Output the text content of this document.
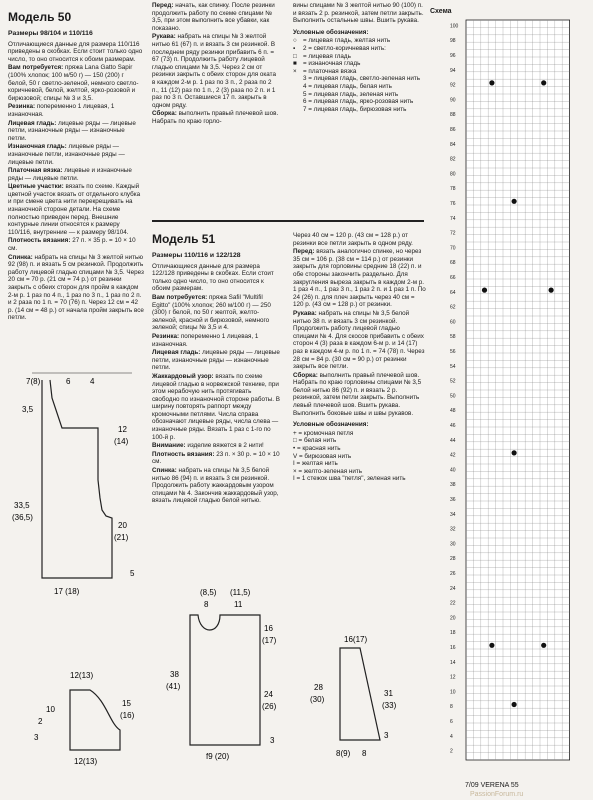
Модель 50
Размеры 98/104 и 110/116

Отличающиеся данные для размера 110/116 приведены в скобках. Если стоит только одно число, то оно относится к обоим размерам.

Вам потребуется: пряжа Lana Gatto Sapir (100% хлопок; 100 м/50 г) — 150 (200) г белой, 50 г светло-зеленой, немного светло-коричневой, белой, желтой, ярко-розовой и бирюзовой; спицы № 3 и 3,5.

Резинка: попеременно 1 лицевая, 1 изнаночная.

Лицевая гладь: лицевые ряды — лицевые петли, изнаночные ряды — изнаночные петли.

Изнаночная гладь: лицевые ряды — изнаночные петли, изнаночные ряды — лицевые петли.

Платочная вязка: лицевые и изнаночные ряды — лицевые петли.

Цветные участки: вязать по схеме. Каждый цветной участок вязать от отдельного клубка и при смене цвета нити перекрещивать на изнаночной стороне детали. На схеме полностью приведен перед. Внешние контурные линии относятся к размеру 110/116, внутренние — к размеру 98/104.

Плотность вязания: 27 п. × 35 р. = 10 × 10 см.

Спинка: набрать на спицы № 3 желтой нитью 92 (98) п. и вязать 5 см резинкой. Продолжить работу лицевой гладью спицами № 3,5. Через 20 см = 70 р. (21 см = 74 р.) от резинки закрыть с обеих сторон для пройм в каждом 2-м р. 1 раз по 4 п., 1 раз по 3 п., 1 раз по 2 п. и 2 раза по 1 п. = 70 (76) п. Через 12 см = 42 р. (14 см = 48 р.) от начала пройм закрыть все петли.

Перед: начать, как спинку. После резинки продолжить работу по схеме спицами № 3,5, при этом выполнить все убавки, как показано.

Рукава: набрать на спицы № 3 желтой нитью 61 (67) п. и вязать 3 см резинкой. В последнем ряду резинки прибавить 6 п. = 67 (73) п. Продолжить работу лицевой гладью спицами № 3,5. Через 2 см от резинки закрыть с обеих сторон для оката в каждом 2-м р. 1 раз по 3 п., 2 раза по 2 п., 11 (12) раз по 1 п., 2 (3) раза по 2 п. и 1 раз по 3 п. Оставшиеся 17 п. закрыть в одном ряду.

Сборка: выполнить правый плечевой шов. Набрать по краю горло-

вины спицами № 3 желтой нитью 90 (100) п. и вязать 2 р. резинкой, затем петли закрыть. Выполнить остальные швы. Вшить рукава.

Условные обозначения:

○ = лицевая гладь, желтая нить
▪	2 = светло-коричневая нить:
□ = лицевая гладь
■ = изнаночная гладь
×	= платочная вязка
3 = лицевая гладь, светло-зеленая нить
4 = лицевая гладь, белая нить
5 = лицевая гладь, зеленая нить
6 = лицевая гладь, ярко-розовая нить
7 = лицевая гладь, бирюзовая нить
Модель 51
Размеры 110/116 и 122/128

Отличающиеся данные для размера 122/128 приведены в скобках. Если стоит только одно число, то оно относится к обоим размерам.

Вам потребуется: пряжа Safil "Multifil Egitto" (100% хлопок; 260 м/100 г) — 250 (300) г белой, по 50 г желтой, желто-зеленой, красной и бирюзовой, немного зеленой; спицы № 3,5 и 4.

Резинка: попеременно 1 лицевая, 1 изнаночная.

Лицевая гладь: лицевые ряды — лицевые петли, изнаночные ряды — изнаночные петли.

Жаккардовый узор: вязать по схеме лицевой гладью в норвежской технике, при этом нерабочую нить протягивать свободно по изнаночной стороне работы. В ширину повторять раппорт между кромочными петлями. Числа справа обозначают лицевые ряды, числа слева — изнаночные ряды. Вязать 1 раз с 1-го по 100-й р.

Внимание: изделие вяжется в 2 нити!

Плотность вязания: 23 п. × 30 р. = 10 × 10 см.

Спинка: набрать на спицы № 3,5 белой нитью 86 (94) п. и вязать 3 см резинкой. Продолжить работу жаккардовым узором спицами № 4. Закончив жаккардовый узор, вязать лицевой гладью белой нитью.

Через 40 см = 120 р. (43 см = 128 р.) от резинки все петли закрыть в одном ряду.

Перед: вязать аналогично спинке, но через 35 см = 106 р. (38 см = 114 р.) от резинки закрыть для горловины средние 18 (22) п. и обе стороны закончить раздельно. Для закругления выреза закрыть в каждом 2-м р. 1 раз 4 п., 1 раз 3 п., 1 раз 2 п. и 1 раз 1 п. По 24 (26) п. для плеч закрыть через 40 см = 120 р. (43 см = 128 р.) от резинки.

Рукава: набрать на спицы № 3,5 белой нитью 38 п. и вязать 3 см резинкой. Продолжить работу лицевой гладью спицами № 4. Для скосов прибавить с обеих сторон 4 (3) раза в каждом 6-м р. и 14 (17) раз в каждом 4-м р. по 1 п. = 74 (78) п. Через 28 см = 84 р. (30 см = 90 р.) от резинки закрыть все петли.

Сборка: выполнить правый плечевой шов. Набрать по краю горловины спицами № 3,5 белой нитью 86 (92) п. и вязать 2 р. резинкой, затем петли закрыть. Выполнить левый плечевой шов. Вшить рукава. Выполнить боковые швы и швы рукавов.

Условные обозначения:

+ = кромочная петля
□ = белая нить
• = красная нить
V = бирюзовая нить
I = желтая нить
× = желто-зеленая нить
I = 1 стежок швa "петля", зеленая нить
Схема
100
98
96
94
92
90
88
86
84
82
80
78
76
74
72
70
68
66
64
62
60
58
56
54
52
50
48
46
44
42
40
38
36
34
32
30
28
26
24
22
20
18
16
14
12
10
8
6
4
2
7(8)	6 4
3,5
33,5
(36,5)
12
(14)
20
(21)
5
17 (18)
12(13)
10
2
3
15
(16)
12(13)
(8,5) (11,5)
8	11
38
(41)
16
(17)
24
(26)
3
f9 (20)
16(17)
28
(30)
31
(33)
3
8(9) 8
7/09 VERENA 55
PassionForum.ru
